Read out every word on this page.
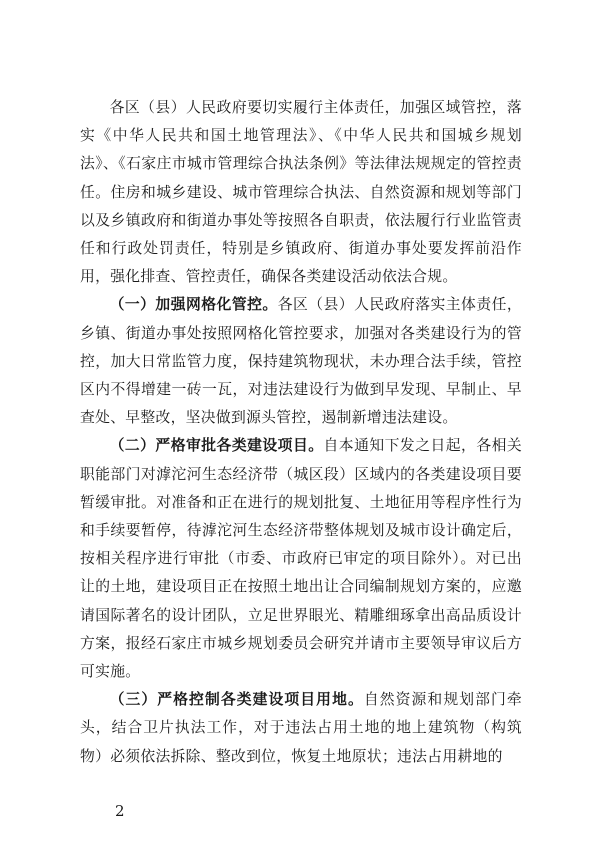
各区（县）人民政府要切实履行主体责任，加强区域管控，落实《中华人民共和国土地管理法》、《中华人民共和国城乡规划法》、《石家庄市城市管理综合执法条例》等法律法规规定的管控责任。住房和城乡建设、城市管理综合执法、自然资源和规划等部门以及乡镇政府和街道办事处等按照各自职责，依法履行行业监管责任和行政处罚责任，特别是乡镇政府、街道办事处要发挥前沿作用，强化排查、管控责任，确保各类建设活动依法合规。

（一）加强网格化管控。各区（县）人民政府落实主体责任，乡镇、街道办事处按照网格化管控要求，加强对各类建设行为的管控，加大日常监管力度，保持建筑物现状，未办理合法手续，管控区内不得增建一砖一瓦，对违法建设行为做到早发现、早制止、早查处、早整改，坚决做到源头管控，遏制新增违法建设。

（二）严格审批各类建设项目。自本通知下发之日起，各相关职能部门对滹沱河生态经济带（城区段）区域内的各类建设项目要暂缓审批。对准备和正在进行的规划批复、土地征用等程序性行为和手续要暂停，待滹沱河生态经济带整体规划及城市设计确定后，按相关程序进行审批（市委、市政府已审定的项目除外）。对已出让的土地，建设项目正在按照土地出让合同编制规划方案的，应邀请国际著名的设计团队，立足世界眼光、精雕细琢拿出高品质设计方案，报经石家庄市城乡规划委员会研究并请市主要领导审议后方可实施。

（三）严格控制各类建设项目用地。自然资源和规划部门牵头，结合卫片执法工作，对于违法占用土地的地上建筑物（构筑物）必须依法拆除、整改到位，恢复土地原状；违法占用耕地的

2
